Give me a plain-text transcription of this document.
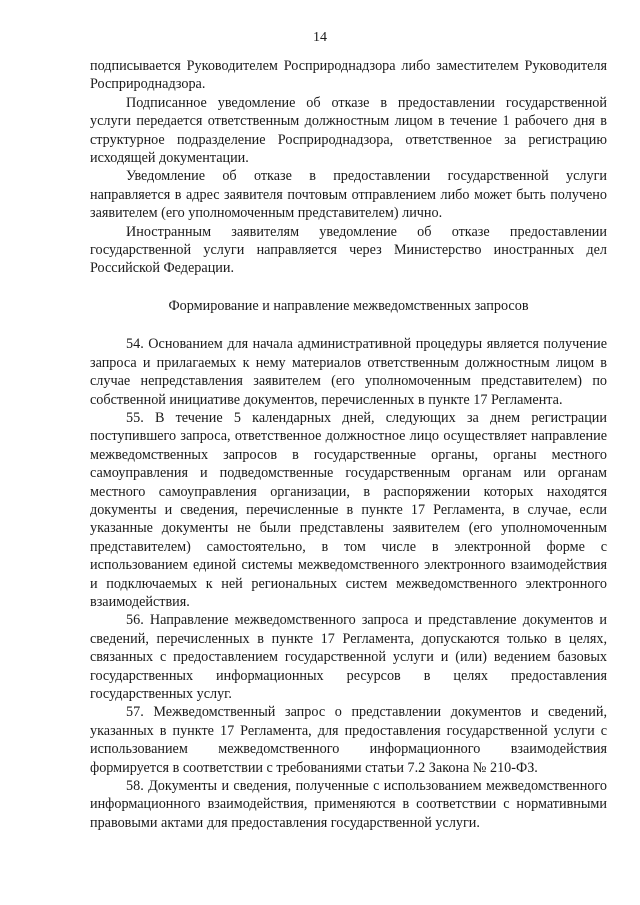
14

подписывается Руководителем Росприроднадзора либо заместителем Руководителя Росприроднадзора.

Подписанное уведомление об отказе в предоставлении государственной услуги передается ответственным должностным лицом в течение 1 рабочего дня в структурное подразделение Росприроднадзора, ответственное за регистрацию исходящей документации.

Уведомление об отказе в предоставлении государственной услуги направляется в адрес заявителя почтовым отправлением либо может быть получено заявителем (его уполномоченным представителем) лично.

Иностранным заявителям уведомление об отказе предоставлении государственной услуги направляется через Министерство иностранных дел Российской Федерации.

Формирование и направление межведомственных запросов

54. Основанием для начала административной процедуры является получение запроса и прилагаемых к нему материалов ответственным должностным лицом в случае непредставления заявителем (его уполномоченным представителем) по собственной инициативе документов, перечисленных в пункте 17 Регламента.

55. В течение 5 календарных дней, следующих за днем регистрации поступившего запроса, ответственное должностное лицо осуществляет направление межведомственных запросов в государственные органы, органы местного самоуправления и подведомственные государственным органам или органам местного самоуправления организации, в распоряжении которых находятся документы и сведения, перечисленные в пункте 17 Регламента, в случае, если указанные документы не были представлены заявителем (его уполномоченным представителем) самостоятельно, в том числе в электронной форме с использованием единой системы межведомственного электронного взаимодействия и подключаемых к ней региональных систем межведомственного электронного взаимодействия.

56. Направление межведомственного запроса и представление документов и сведений, перечисленных в пункте 17 Регламента, допускаются только в целях, связанных с предоставлением государственной услуги и (или) ведением базовых государственных информационных ресурсов в целях предоставления государственных услуг.

57. Межведомственный запрос о представлении документов и сведений, указанных в пункте 17 Регламента, для предоставления государственной услуги с использованием межведомственного информационного взаимодействия формируется в соответствии с требованиями статьи 7.2 Закона № 210-ФЗ.

58. Документы и сведения, полученные с использованием межведомственного информационного взаимодействия, применяются в соответствии с нормативными правовыми актами для предоставления государственной услуги.
